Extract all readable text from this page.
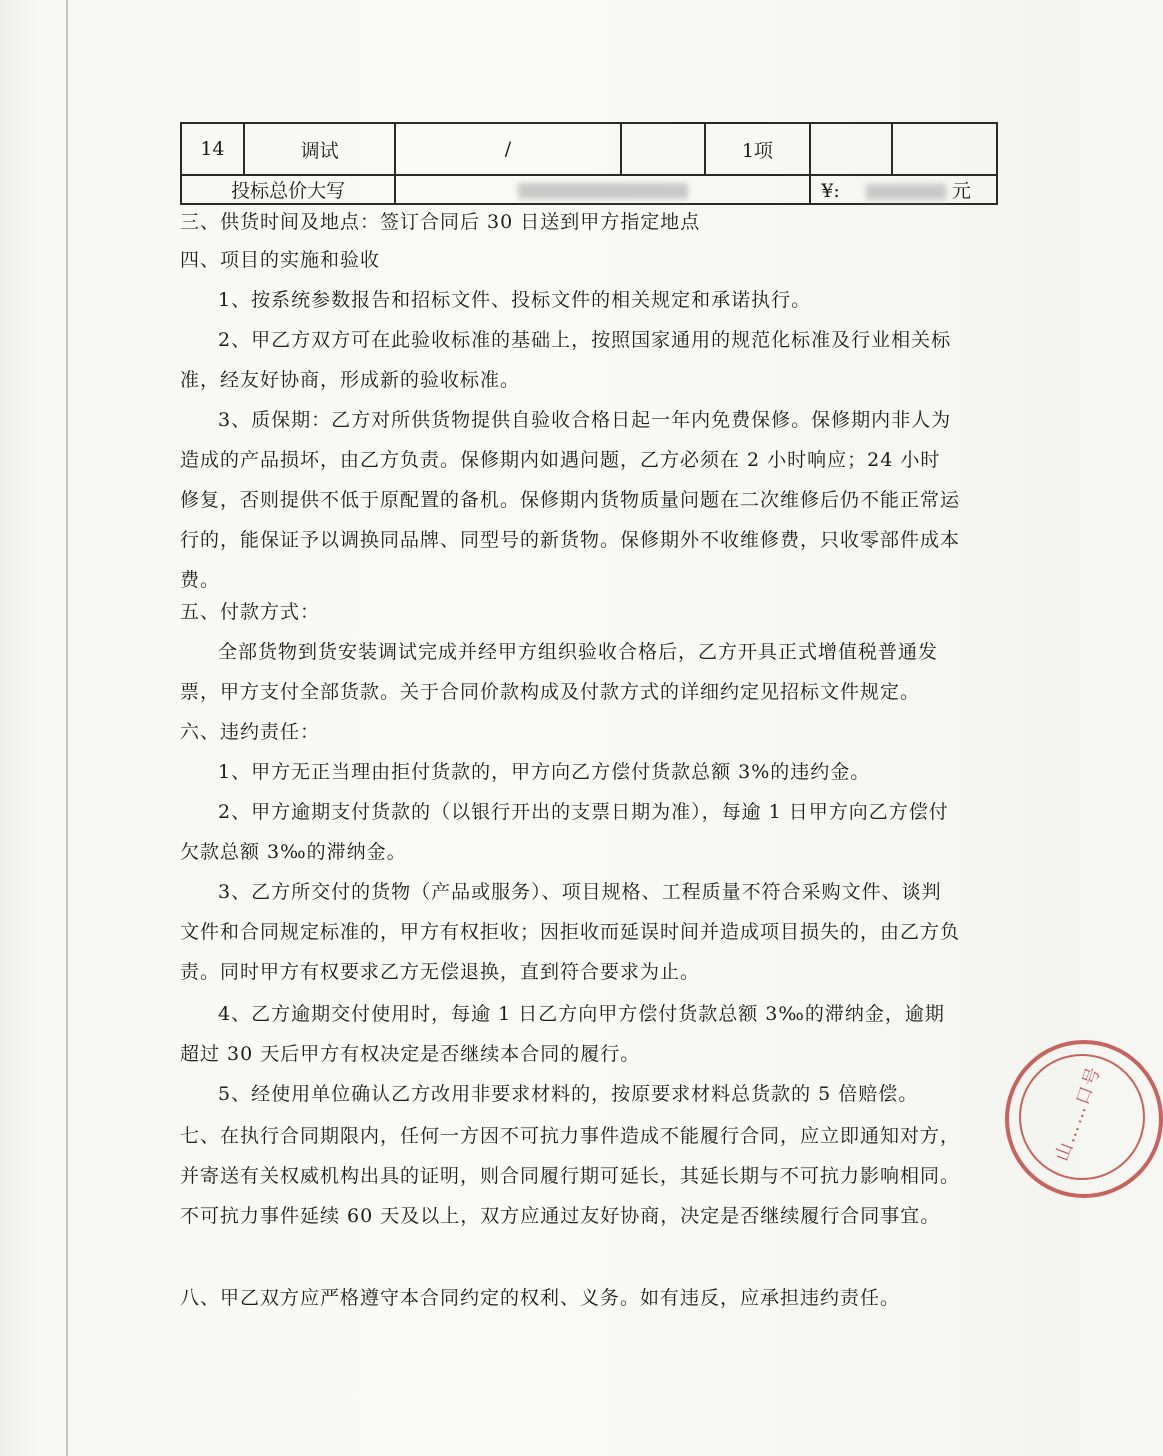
14	调试	/		1项		
投标总价大写					¥: 元	

三、供货时间及地点：签订合同后 30 日送到甲方指定地点

四、项目的实施和验收

1、按系统参数报告和招标文件、投标文件的相关规定和承诺执行。

2、甲乙方双方可在此验收标准的基础上，按照国家通用的规范化标准及行业相关标准，经友好协商，形成新的验收标准。

3、质保期：乙方对所供货物提供自验收合格日起一年内免费保修。保修期内非人为造成的产品损坏，由乙方负责。保修期内如遇问题，乙方必须在 2 小时响应；24 小时修复，否则提供不低于原配置的备机。保修期内货物质量问题在二次维修后仍不能正常运行的，能保证予以调换同品牌、同型号的新货物。保修期外不收维修费，只收零部件成本费。

五、付款方式：

全部货物到货安装调试完成并经甲方组织验收合格后，乙方开具正式增值税普通发票，甲方支付全部货款。关于合同价款构成及付款方式的详细约定见招标文件规定。

六、违约责任：

1、甲方无正当理由拒付货款的，甲方向乙方偿付货款总额 3%的违约金。

2、甲方逾期支付货款的（以银行开出的支票日期为准），每逾 1 日甲方向乙方偿付欠款总额 3‰的滞纳金。

3、乙方所交付的货物（产品或服务）、项目规格、工程质量不符合采购文件、谈判文件和合同规定标准的，甲方有权拒收；因拒收而延误时间并造成项目损失的，由乙方负责。同时甲方有权要求乙方无偿退换，直到符合要求为止。

4、乙方逾期交付使用时，每逾 1 日乙方向甲方偿付货款总额 3‰的滞纳金，逾期超过 30 天后甲方有权决定是否继续本合同的履行。

5、经使用单位确认乙方改用非要求材料的，按原要求材料总货款的 5 倍赔偿。

七、在执行合同期限内，任何一方因不可抗力事件造成不能履行合同，应立即通知对方，并寄送有关权威机构出具的证明，则合同履行期可延长，其延长期与不可抗力影响相同。不可抗力事件延续 60 天及以上，双方应通过友好协商，决定是否继续履行合同事宜。

八、甲乙双方应严格遵守本合同约定的权利、义务。如有违反，应承担违约责任。

山……口号
